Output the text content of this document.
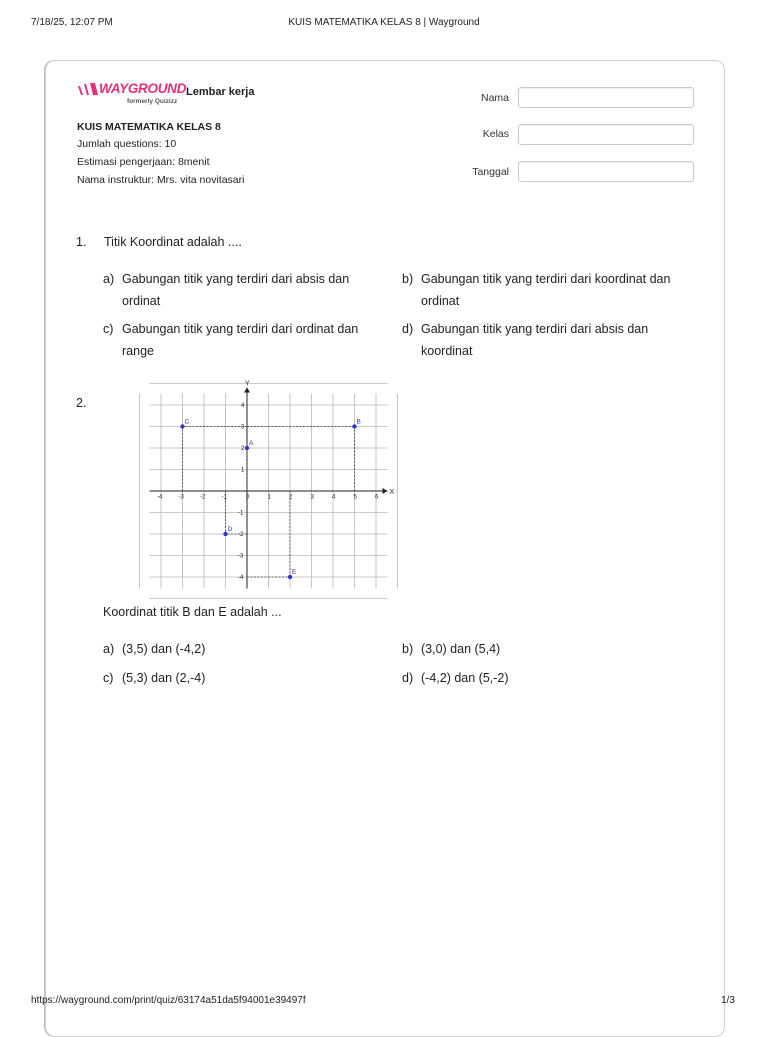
7/18/25, 12:07 PM	KUIS MATEMATIKA KELAS 8 | Wayground
WAYGROUND
formerly Quizizz
Lembar kerja
KUIS MATEMATIKA KELAS 8
Jumlah questions: 10
Estimasi pengerjaan: 8menit
Nama instruktur: Mrs. vita novitasari
Nama
Kelas
Tanggal
1. Titik Koordinat adalah ....
a) Gabungan titik yang terdiri dari absis dan
ordinat
b) Gabungan titik yang terdiri dari koordinat dan
ordinat
c) Gabungan titik yang terdiri dari ordinat dan
range
d) Gabungan titik yang terdiri dari absis dan
koordinat
2.
X
Y
-4	-3	-2	-1	0	1	2	3	4	5	6
4
3
2
1
-1
-2
-3
-4
A
B
C
D
E
Koordinat titik B dan E adalah ...
a) (3,5) dan (-4,2)	b) (3,0) dan (5,4)
c) (5,3) dan (2,-4)	d) (-4,2) dan (5,-2)
https://wayground.com/print/quiz/63174a51da5f94001e39497f	1/3
